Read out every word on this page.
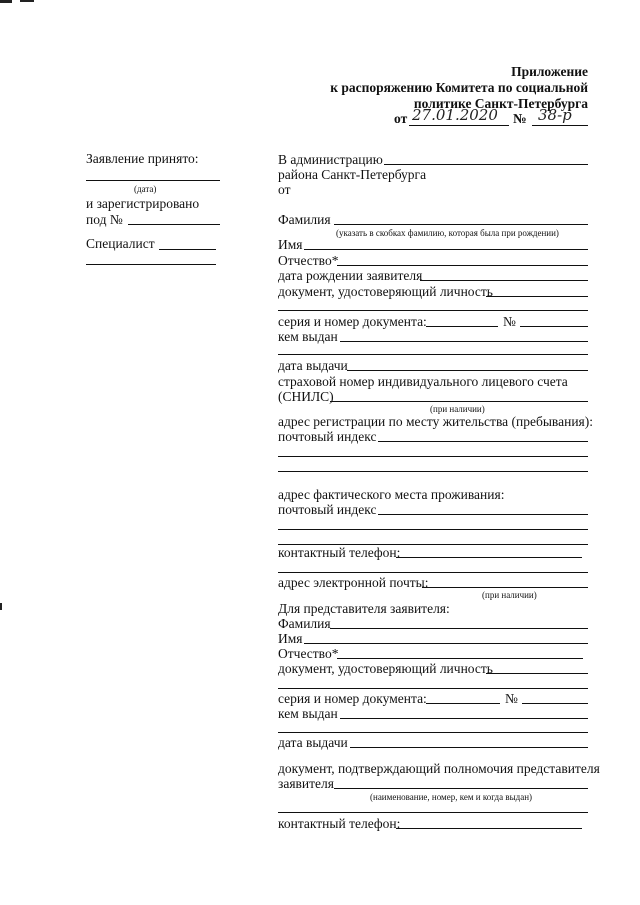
Приложение
к распоряжению Комитета по социальной
политике Санкт-Петербурга
от 27.01.2020 № 38-р
Заявление принято:
(дата)
и зарегистрировано
под №
Специалист
В администрацию
района Санкт-Петербурга
от
Фамилия
(указать в скобках фамилию, которая была при рождении)
Имя
Отчество*
дата рождении заявителя
документ, удостоверяющий личность
серия и номер документа:	№
кем выдан
дата выдачи
страховой номер индивидуального лицевого счета
(СНИЛС)
(при наличии)
адрес регистрации по месту жительства (пребывания):
почтовый индекс
адрес фактического места проживания:
почтовый индекс
контактный телефон:
адрес электронной почты:
(при наличии)
Для представителя заявителя:
Фамилия
Имя
Отчество*
документ, удостоверяющий личность
серия и номер документа:	№
кем выдан
дата выдачи
документ, подтверждающий полномочия представителя
заявителя
(наименование, номер, кем и когда выдан)
контактный телефон:
